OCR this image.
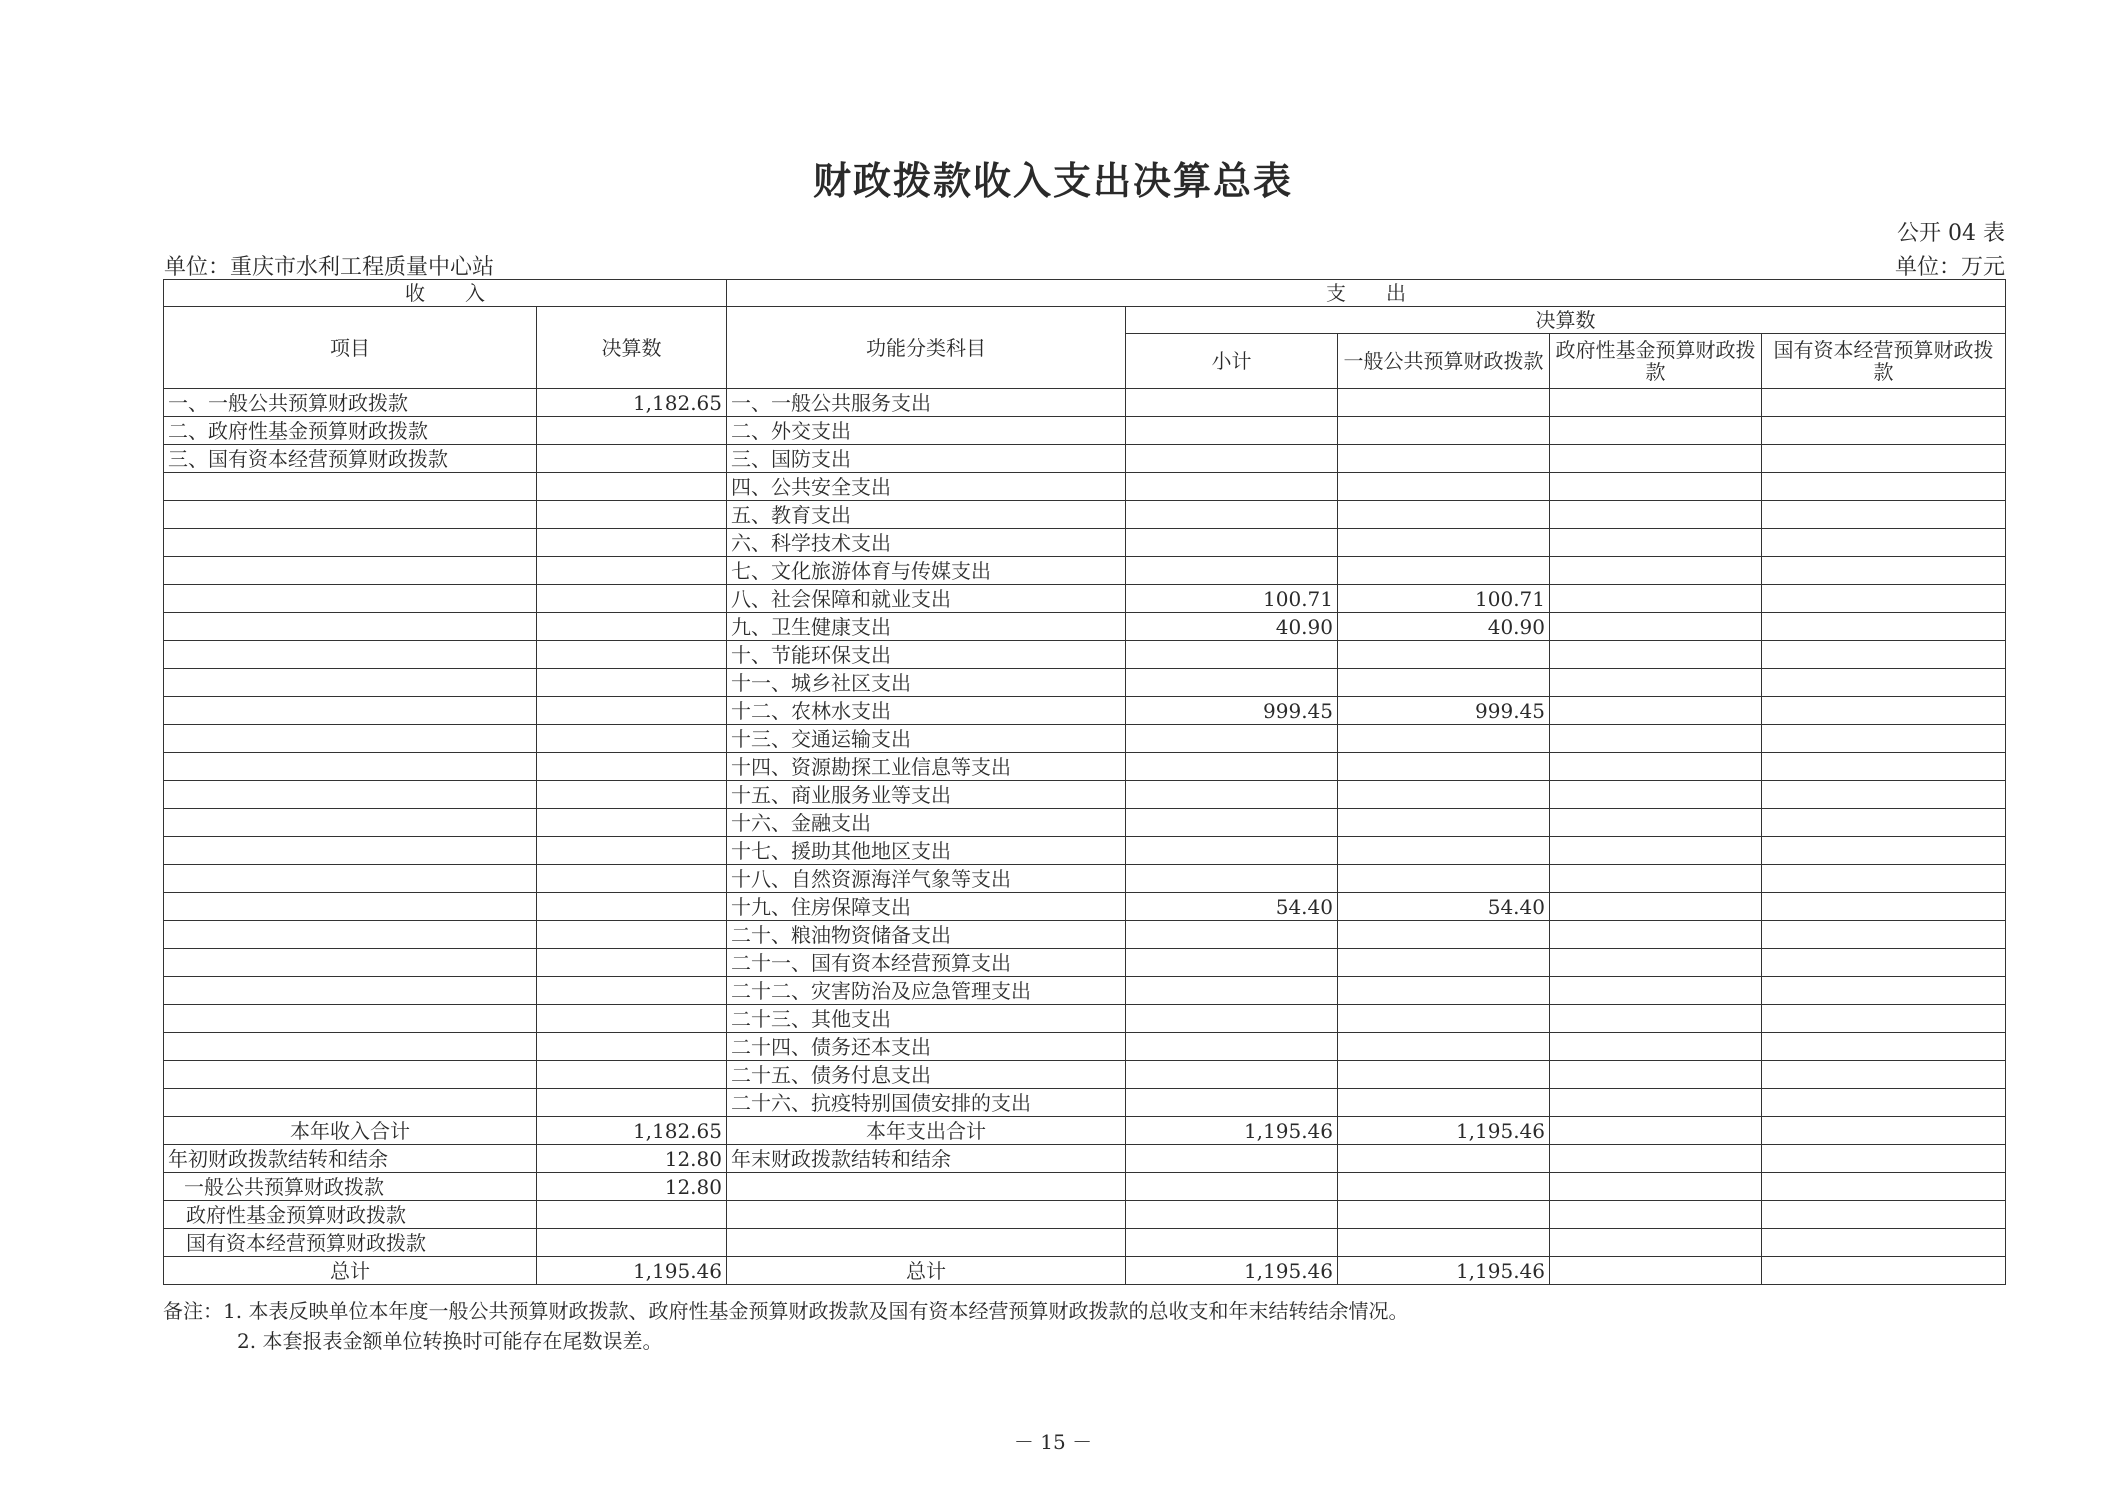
财政拨款收入支出决算总表
公开 04 表
单位：重庆市水利工程质量中心站	单位：万元
收　　入		支　　出				
项目	决算数	功能分类科目	决算数			
			小计	一般公共预算财政拨款	政府性基金预算财政拨款	国有资本经营预算财政拨款
一、一般公共预算财政拨款	1,182.65	一、一般公共服务支出				
二、政府性基金预算财政拨款		二、外交支出				
三、国有资本经营预算财政拨款		三、国防支出				
		四、公共安全支出				
		五、教育支出				
		六、科学技术支出				
		七、文化旅游体育与传媒支出				
		八、社会保障和就业支出	100.71	100.71		
		九、卫生健康支出	40.90	40.90		
		十、节能环保支出				
		十一、城乡社区支出				
		十二、农林水支出	999.45	999.45		
		十三、交通运输支出				
		十四、资源勘探工业信息等支出				
		十五、商业服务业等支出				
		十六、金融支出				
		十七、援助其他地区支出				
		十八、自然资源海洋气象等支出				
		十九、住房保障支出	54.40	54.40		
		二十、粮油物资储备支出				
		二十一、国有资本经营预算支出				
		二十二、灾害防治及应急管理支出				
		二十三、其他支出				
		二十四、债务还本支出				
		二十五、债务付息支出				
		二十六、抗疫特别国债安排的支出				
本年收入合计	1,182.65	本年支出合计	1,195.46	1,195.46		
年初财政拨款结转和结余	12.80	年末财政拨款结转和结余				
一般公共预算财政拨款	12.80					
政府性基金预算财政拨款						
国有资本经营预算财政拨款						
总计	1,195.46	总计	1,195.46	1,195.46		
备注：1. 本表反映单位本年度一般公共预算财政拨款、政府性基金预算财政拨款及国有资本经营预算财政拨款的总收支和年末结转结余情况。
2. 本套报表金额单位转换时可能存在尾数误差。
－ 15 －
